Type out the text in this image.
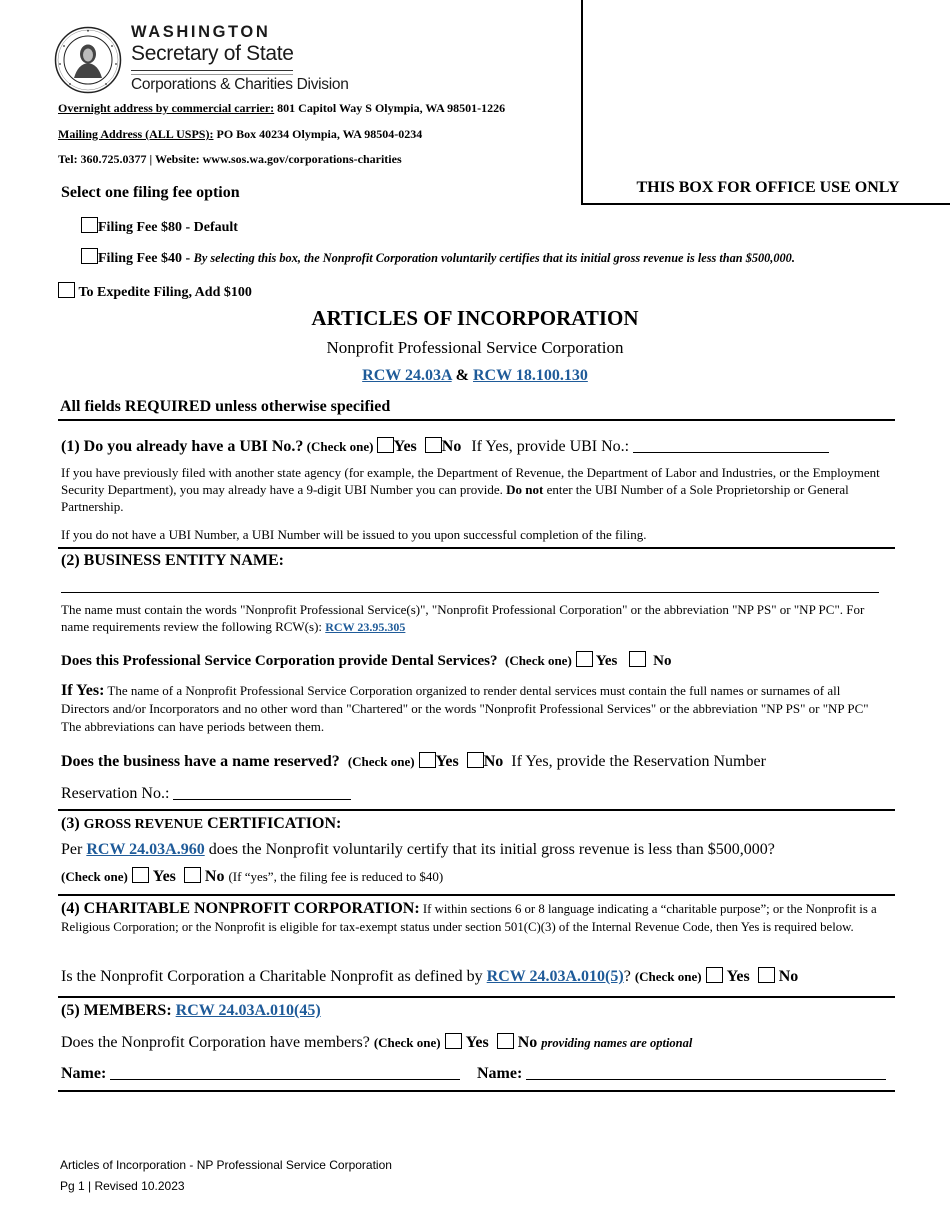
WASHINGTON
Secretary of State
Corporations & Charities Division
Overnight address by commercial carrier: 801 Capitol Way S Olympia, WA 98501-1226
Mailing Address (ALL USPS): PO Box 40234 Olympia, WA 98504-0234
Tel: 360.725.0377 | Website: www.sos.wa.gov/corporations-charities
THIS BOX FOR OFFICE USE ONLY
Select one filing fee option
Filing Fee $80 - Default
Filing Fee $40 - By selecting this box, the Nonprofit Corporation voluntarily certifies that its initial gross revenue is less than $500,000.
To Expedite Filing, Add $100
ARTICLES OF INCORPORATION
Nonprofit Professional Service Corporation
RCW 24.03A & RCW 18.100.130
All fields REQUIRED unless otherwise specified
(1) Do you already have a UBI No.? (Check one) Yes No If Yes, provide UBI No.:
If you have previously filed with another state agency (for example, the Department of Revenue, the Department of Labor and Industries, or the Employment Security Department), you may already have a 9-digit UBI Number you can provide. Do not enter the UBI Number of a Sole Proprietorship or General Partnership.
If you do not have a UBI Number, a UBI Number will be issued to you upon successful completion of the filing.
(2) BUSINESS ENTITY NAME:
The name must contain the words "Nonprofit Professional Service(s)", "Nonprofit Professional Corporation" or the abbreviation "NP PS" or "NP PC". For name requirements review the following RCW(s): RCW 23.95.305
Does this Professional Service Corporation provide Dental Services? (Check one) Yes No
If Yes: The name of a Nonprofit Professional Service Corporation organized to render dental services must contain the full names or surnames of all Directors and/or Incorporators and no other word than "Chartered" or the words "Nonprofit Professional Services" or the abbreviation "NP PS" or "NP PC" The abbreviations can have periods between them.
Does the business have a name reserved? (Check one) Yes No If Yes, provide the Reservation Number
Reservation No.:
(3) GROSS REVENUE CERTIFICATION:
Per RCW 24.03A.960 does the Nonprofit voluntarily certify that its initial gross revenue is less than $500,000?
(Check one) Yes No (If “yes”, the filing fee is reduced to $40)
(4) CHARITABLE NONPROFIT CORPORATION: If within sections 6 or 8 language indicating a “charitable purpose”; or the Nonprofit is a Religious Corporation; or the Nonprofit is eligible for tax-exempt status under section 501(C)(3) of the Internal Revenue Code, then Yes is required below.
Is the Nonprofit Corporation a Charitable Nonprofit as defined by RCW 24.03A.010(5)? (Check one) Yes No
(5) MEMBERS: RCW 24.03A.010(45)
Does the Nonprofit Corporation have members? (Check one) Yes No providing names are optional
Name:	Name:
Articles of Incorporation - NP Professional Service Corporation
Pg 1 | Revised 10.2023
